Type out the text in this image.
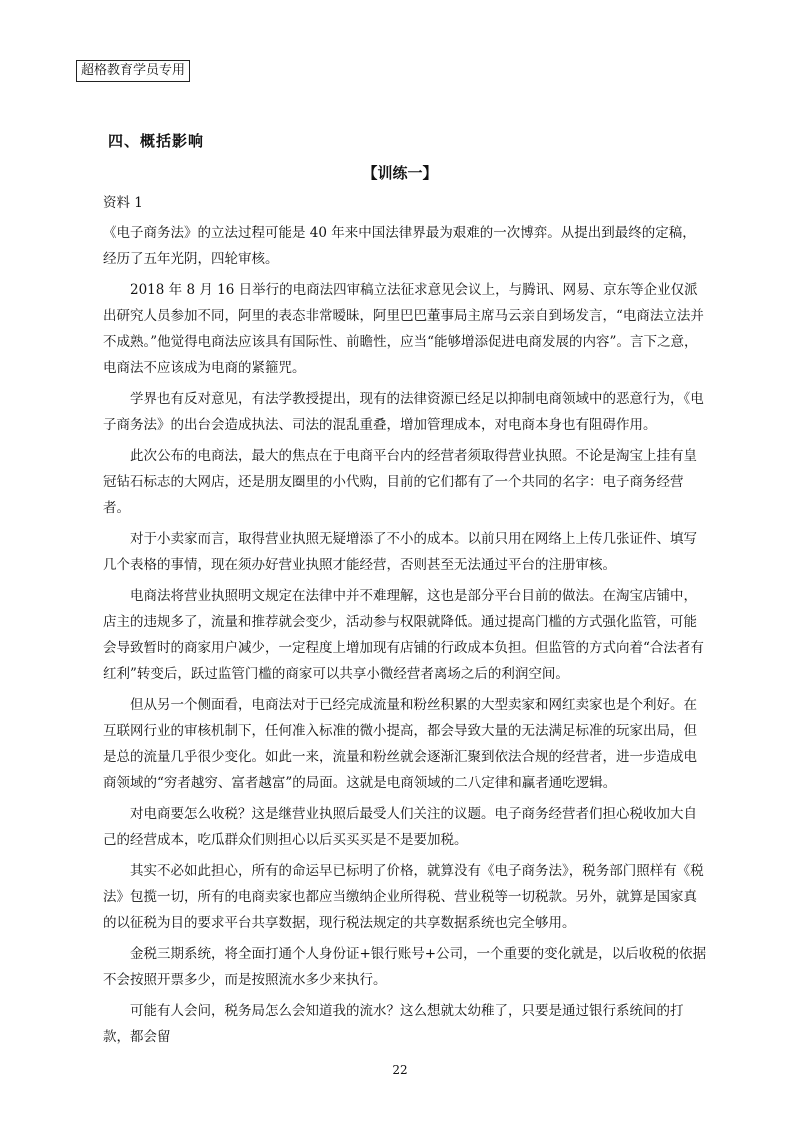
超格教育学员专用
四、概括影响
【训练一】

资料 1

《电子商务法》的立法过程可能是 40 年来中国法律界最为艰难的一次博弈。从提出到最终的定稿，经历了五年光阴，四轮审核。

2018 年 8 月 16 日举行的电商法四审稿立法征求意见会议上，与腾讯、网易、京东等企业仅派出研究人员参加不同，阿里的表态非常暧昧，阿里巴巴董事局主席马云亲自到场发言，“电商法立法并不成熟。”他觉得电商法应该具有国际性、前瞻性，应当“能够增添促进电商发展的内容”。言下之意，电商法不应该成为电商的紧箍咒。

学界也有反对意见，有法学教授提出，现有的法律资源已经足以抑制电商领域中的恶意行为，《电子商务法》的出台会造成执法、司法的混乱重叠，增加管理成本，对电商本身也有阻碍作用。

此次公布的电商法，最大的焦点在于电商平台内的经营者须取得营业执照。不论是淘宝上挂有皇冠钻石标志的大网店，还是朋友圈里的小代购，目前的它们都有了一个共同的名字：电子商务经营者。

对于小卖家而言，取得营业执照无疑增添了不小的成本。以前只用在网络上上传几张证件、填写几个表格的事情，现在须办好营业执照才能经营，否则甚至无法通过平台的注册审核。

电商法将营业执照明文规定在法律中并不难理解，这也是部分平台目前的做法。在淘宝店铺中，店主的违规多了，流量和推荐就会变少，活动参与权限就降低。通过提高门槛的方式强化监管，可能会导致暂时的商家用户减少，一定程度上增加现有店铺的行政成本负担。但监管的方式向着“合法者有红利”转变后，跃过监管门槛的商家可以共享小微经营者离场之后的利润空间。

但从另一个侧面看，电商法对于已经完成流量和粉丝积累的大型卖家和网红卖家也是个利好。在互联网行业的审核机制下，任何准入标准的微小提高，都会导致大量的无法满足标准的玩家出局，但是总的流量几乎很少变化。如此一来，流量和粉丝就会逐渐汇聚到依法合规的经营者，进一步造成电商领域的“穷者越穷、富者越富”的局面。这就是电商领域的二八定律和赢者通吃逻辑。

对电商要怎么收税？这是继营业执照后最受人们关注的议题。电子商务经营者们担心税收加大自己的经营成本，吃瓜群众们则担心以后买买买是不是要加税。

其实不必如此担心，所有的命运早已标明了价格，就算没有《电子商务法》，税务部门照样有《税法》包揽一切，所有的电商卖家也都应当缴纳企业所得税、营业税等一切税款。另外，就算是国家真的以征税为目的要求平台共享数据，现行税法规定的共享数据系统也完全够用。

金税三期系统，将全面打通个人身份证+银行账号+公司，一个重要的变化就是，以后收税的依据不会按照开票多少，而是按照流水多少来执行。

可能有人会问，税务局怎么会知道我的流水？这么想就太幼稚了，只要是通过银行系统间的打款，都会留

22
